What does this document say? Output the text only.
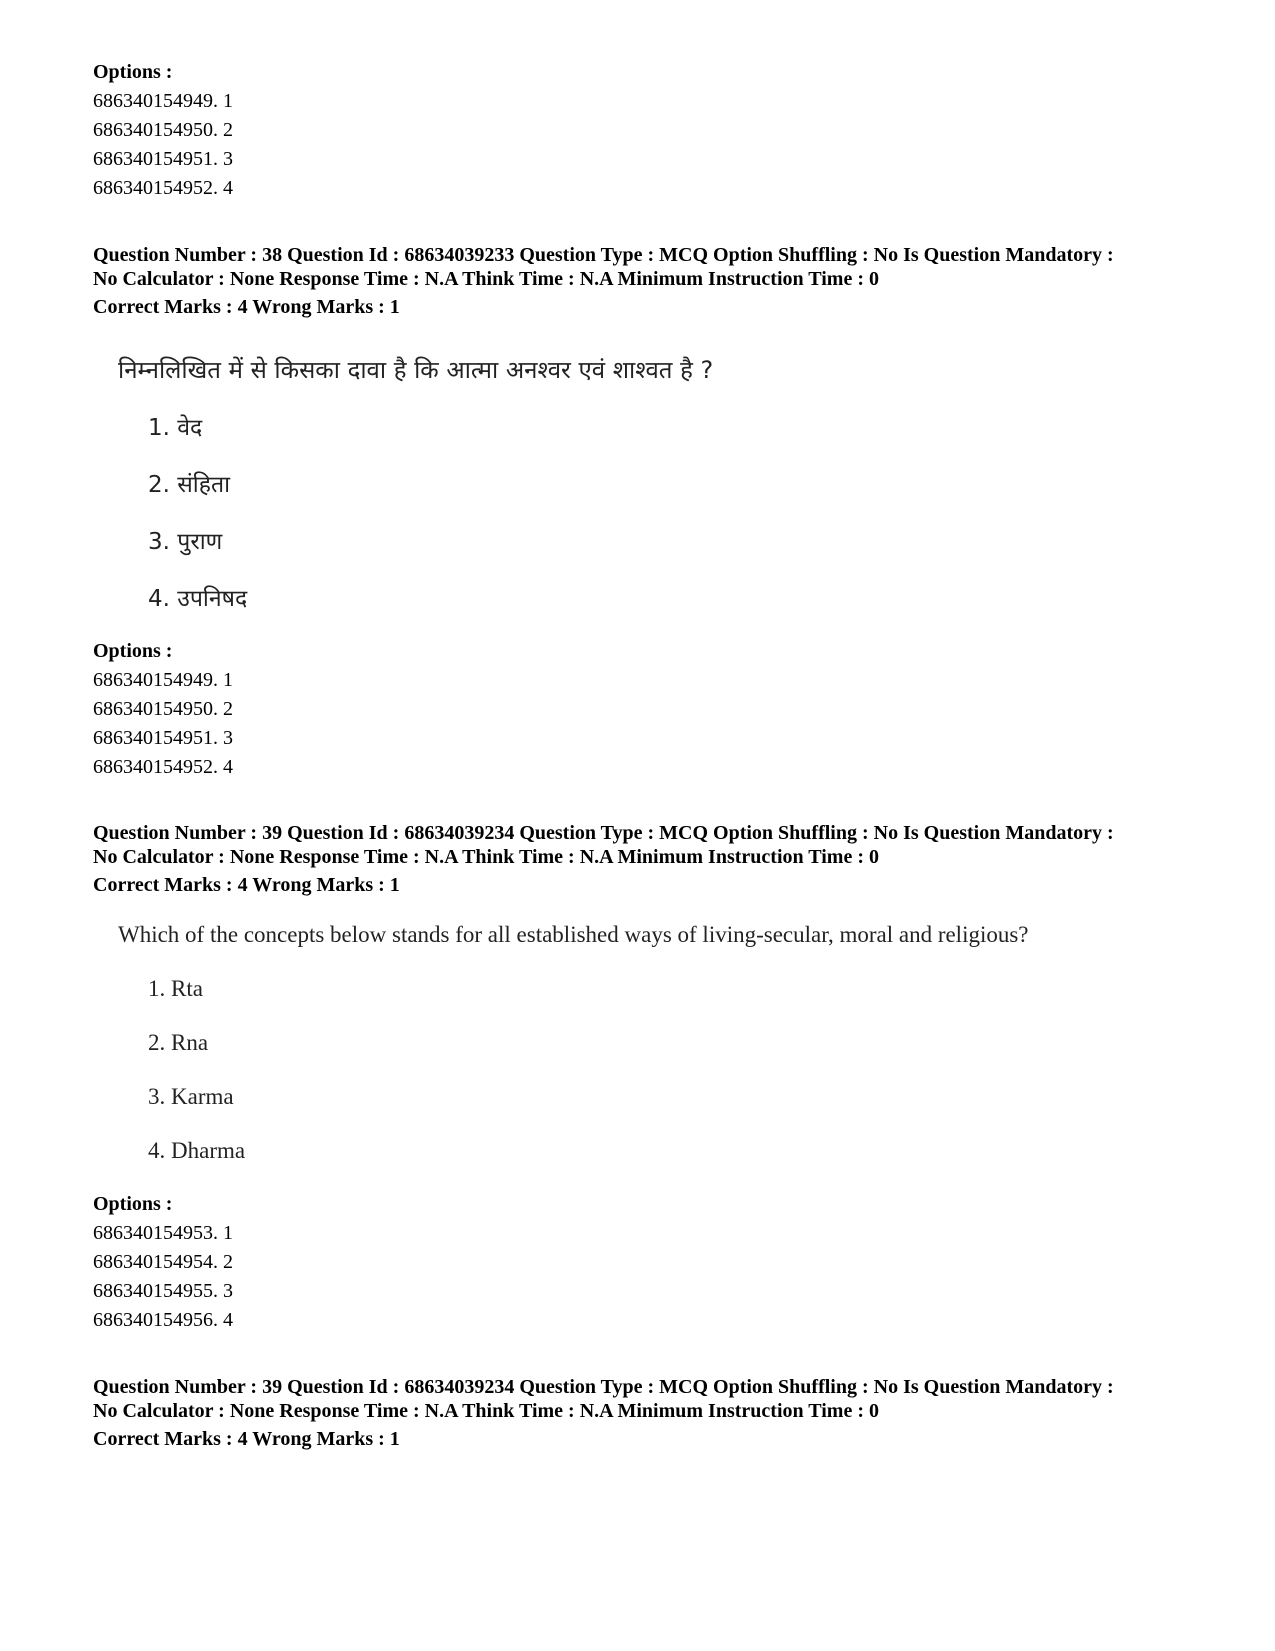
Options :

686340154949. 1

686340154950. 2

686340154951. 3

686340154952. 4

Question Number : 38 Question Id : 68634039233 Question Type : MCQ Option Shuffling : No Is Question Mandatory :

No Calculator : None Response Time : N.A Think Time : N.A Minimum Instruction Time : 0

Correct Marks : 4 Wrong Marks : 1

निम्नलिखित में से किसका दावा है कि आत्मा अनश्वर एवं शाश्वत है ?
1. वेद
2. संहिता
3. पुराण
4. उपनिषद

Options :

686340154949. 1

686340154950. 2

686340154951. 3

686340154952. 4

Question Number : 39 Question Id : 68634039234 Question Type : MCQ Option Shuffling : No Is Question Mandatory :

No Calculator : None Response Time : N.A Think Time : N.A Minimum Instruction Time : 0

Correct Marks : 4 Wrong Marks : 1

Which of the concepts below stands for all established ways of living-secular, moral and religious?
1. Rta
2. Rna
3. Karma
4. Dharma

Options :

686340154953. 1

686340154954. 2

686340154955. 3

686340154956. 4

Question Number : 39 Question Id : 68634039234 Question Type : MCQ Option Shuffling : No Is Question Mandatory :

No Calculator : None Response Time : N.A Think Time : N.A Minimum Instruction Time : 0

Correct Marks : 4 Wrong Marks : 1
